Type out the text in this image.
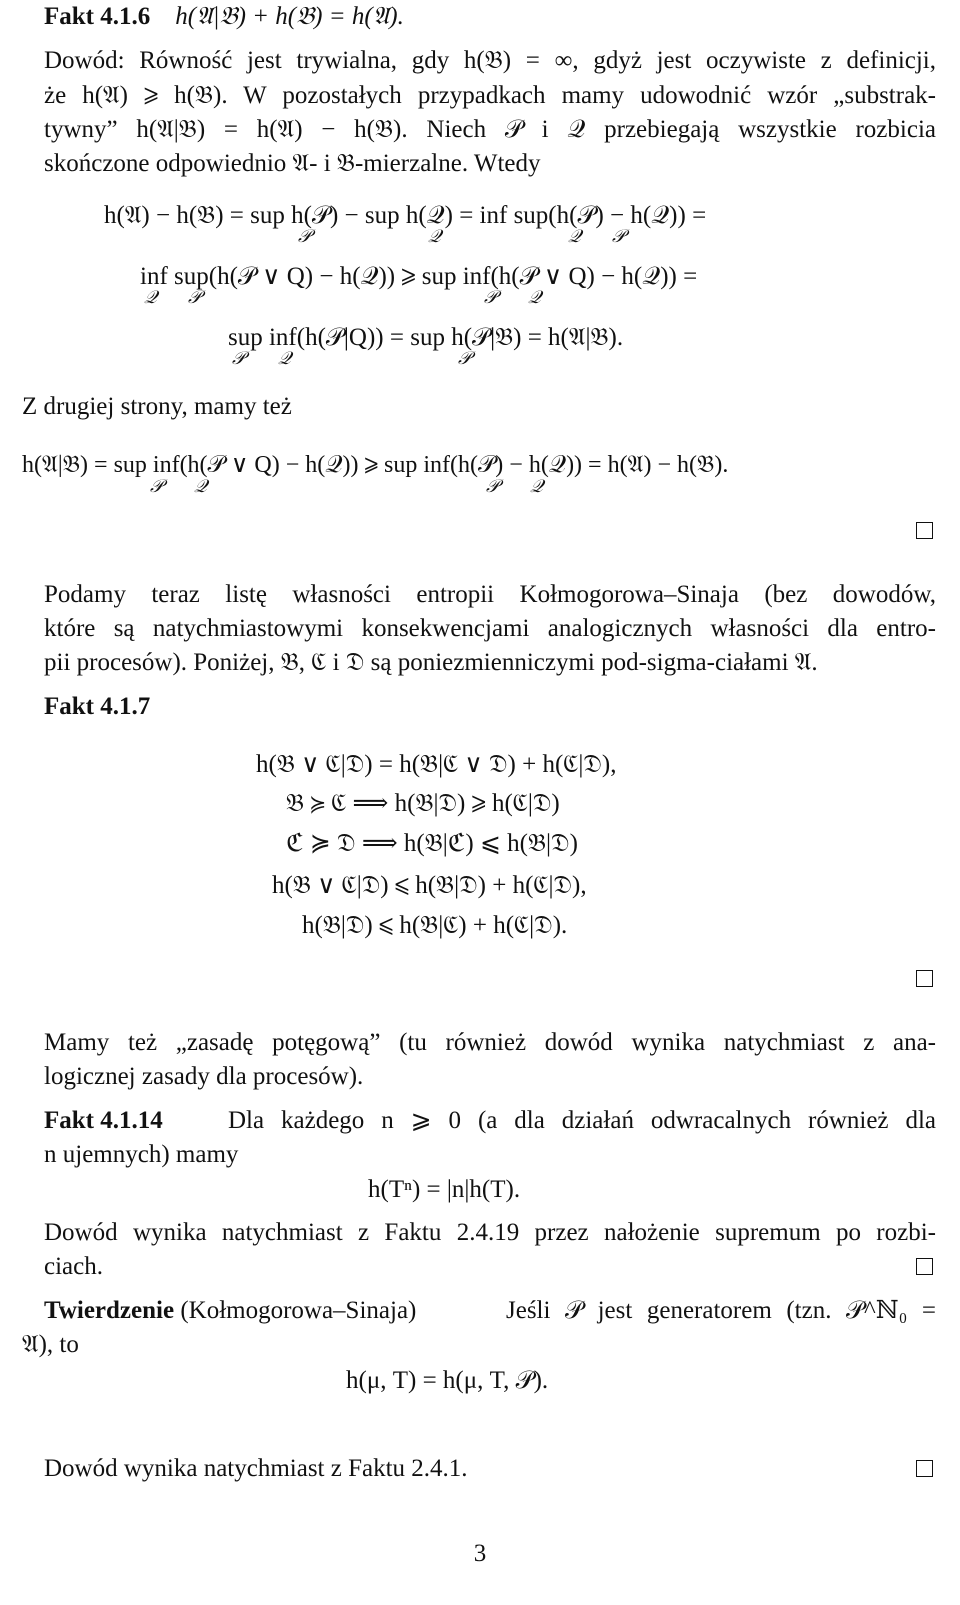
Fakt 4.1.6 h(𝔄|𝔅) + h(𝔅) = h(𝔄).
Dowód: Równość jest trywialna, gdy h(𝔅) = ∞, gdyż jest oczywiste z definicji,
że h(𝔄) ⩾ h(𝔅). W pozostałych przypadkach mamy udowodnić wzór „substrak-
tywny” h(𝔄|𝔅) = h(𝔄) − h(𝔅). Niech 𝒫 i 𝒬 przebiegają wszystkie rozbicia
skończone odpowiednio 𝔄- i 𝔅-mierzalne. Wtedy
h(𝔄) − h(𝔅) = sup h(𝒫) − sup h(𝒬) = inf sup(h(𝒫) − h(𝒬)) =
𝒫	𝒬	𝒬 𝒫
inf sup(h(𝒫 ∨ Q) − h(𝒬)) ⩾ sup inf(h(𝒫 ∨ Q) − h(𝒬)) =
𝒬 𝒫	𝒫 𝒬
sup inf(h(𝒫|Q)) = sup h(𝒫|𝔅) = h(𝔄|𝔅).
𝒫 𝒬	𝒫
Z drugiej strony, mamy też
h(𝔄|𝔅) = sup inf(h(𝒫 ∨ Q) − h(𝒬)) ⩾ sup inf(h(𝒫) − h(𝒬)) = h(𝔄) − h(𝔅).
𝒫 𝒬	𝒫 𝒬
Podamy teraz listę własności entropii Kołmogorowa–Sinaja (bez dowodów,
które są natychmiastowymi konsekwencjami analogicznych własności dla entro-
pii procesów). Poniżej, 𝔅, ℭ i 𝔇 są poniezmienniczymi pod-sigma-ciałami 𝔄.
Fakt 4.1.7
h(𝔅 ∨ ℭ|𝔇) = h(𝔅|ℭ ∨ 𝔇) + h(ℭ|𝔇),
𝔅 ≽ ℭ ⟹ h(𝔅|𝔇) ⩾ h(ℭ|𝔇)
ℭ ≽ 𝔇 ⟹ h(𝔅|ℭ) ⩽ h(𝔅|𝔇)
h(𝔅 ∨ ℭ|𝔇) ⩽ h(𝔅|𝔇) + h(ℭ|𝔇),
h(𝔅|𝔇) ⩽ h(𝔅|ℭ) + h(ℭ|𝔇).
Mamy też „zasadę potęgową” (tu również dowód wynika natychmiast z ana-
logicznej zasady dla procesów).
Fakt 4.1.14	Dla każdego n ⩾ 0 (a dla działań odwracalnych również dla
n ujemnych) mamy
h(Tⁿ) = |n|h(T).
Dowód wynika natychmiast z Faktu 2.4.19 przez nałożenie supremum po rozbi-
ciach.
Twierdzenie (Kołmogorowa–Sinaja)	Jeśli 𝒫 jest generatorem (tzn. 𝒫^ℕ₀ =
𝔄), to
h(μ, T) = h(μ, T, 𝒫).
Dowód wynika natychmiast z Faktu 2.4.1.
3
